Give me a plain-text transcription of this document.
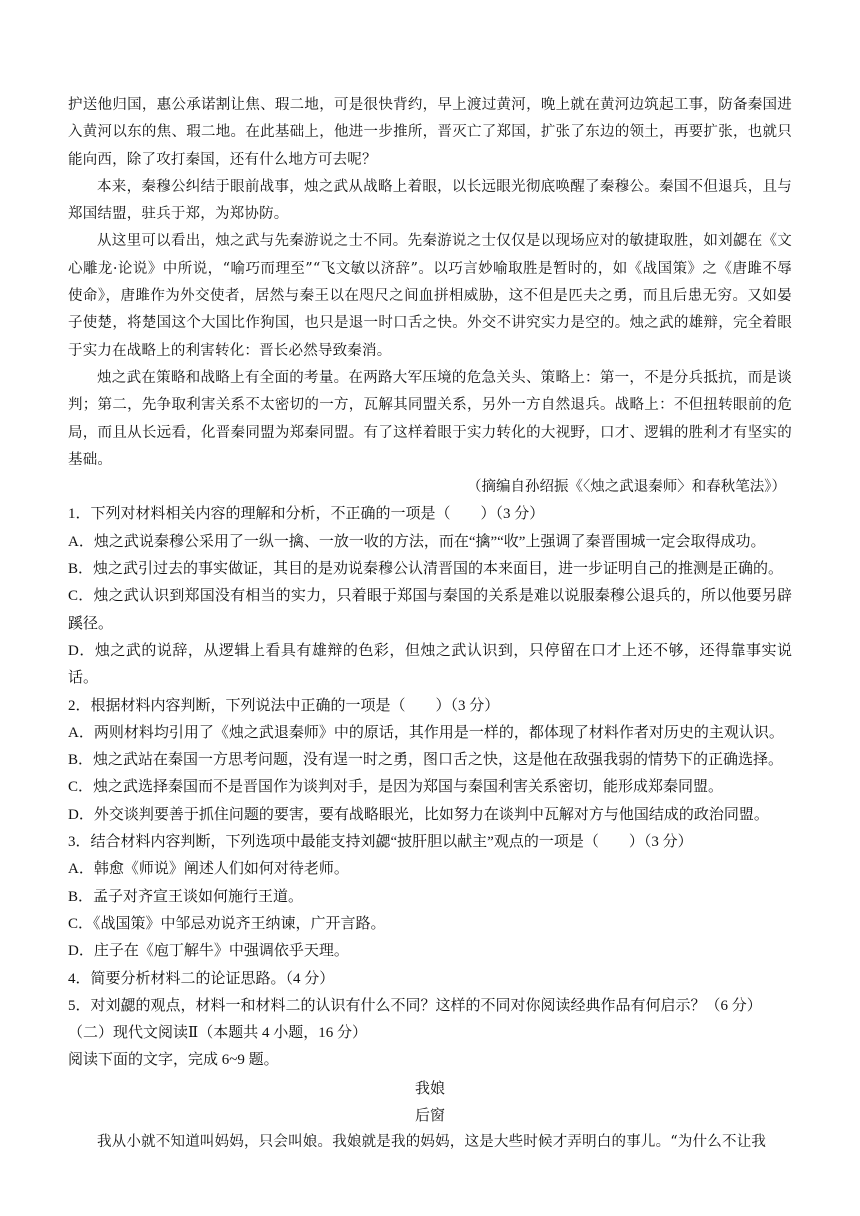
护送他归国，惠公承诺割让焦、瑕二地，可是很快背约，早上渡过黄河，晚上就在黄河边筑起工事，防备秦国进入黄河以东的焦、瑕二地。在此基础上，他进一步推所，晋灭亡了郑国，扩张了东边的领土，再要扩张，也就只能向西，除了攻打秦国，还有什么地方可去呢？

本来，秦穆公纠结于眼前战事，烛之武从战略上着眼，以长远眼光彻底唤醒了秦穆公。秦国不但退兵，且与郑国结盟，驻兵于郑，为郑协防。

从这里可以看出，烛之武与先秦游说之士不同。先秦游说之士仅仅是以现场应对的敏捷取胜，如刘勰在《文心雕龙·论说》中所说，“喻巧而理至”“飞文敏以济辞”。以巧言妙喻取胜是暂时的，如《战国策》之《唐雎不辱使命》，唐雎作为外交使者，居然与秦王以在咫尺之间血拼相威胁，这不但是匹夫之勇，而且后患无穷。又如晏子使楚，将楚国这个大国比作狗国，也只是退一时口舌之快。外交不讲究实力是空的。烛之武的雄辩，完全着眼于实力在战略上的利害转化：晋长必然导致秦消。

烛之武在策略和战略上有全面的考量。在两路大军压境的危急关头、策略上：第一，不是分兵抵抗，而是谈判；第二，先争取利害关系不太密切的一方，瓦解其同盟关系，另外一方自然退兵。战略上：不但扭转眼前的危局，而且从长远看，化晋秦同盟为郑秦同盟。有了这样着眼于实力转化的大视野，口才、逻辑的胜利才有坚实的基础。

（摘编自孙绍振《〈烛之武退秦师〉和春秋笔法》）

1．下列对材料相关内容的理解和分析，不正确的一项是（　　）（3 分）

A．烛之武说秦穆公采用了一纵一擒、一放一收的方法，而在“擒”“收”上强调了秦晋围城一定会取得成功。

B．烛之武引过去的事实做证，其目的是劝说秦穆公认清晋国的本来面目，进一步证明自己的推测是正确的。

C．烛之武认识到郑国没有相当的实力，只着眼于郑国与秦国的关系是难以说服秦穆公退兵的，所以他要另辟蹊径。

D．烛之武的说辞，从逻辑上看具有雄辩的色彩，但烛之武认识到，只停留在口才上还不够，还得靠事实说话。

2．根据材料内容判断，下列说法中正确的一项是（　　）（3 分）

A．两则材料均引用了《烛之武退秦师》中的原话，其作用是一样的，都体现了材料作者对历史的主观认识。

B．烛之武站在秦国一方思考问题，没有逞一时之勇，图口舌之快，这是他在敌强我弱的情势下的正确选择。

C．烛之武选择秦国而不是晋国作为谈判对手，是因为郑国与秦国利害关系密切，能形成郑秦同盟。

D．外交谈判要善于抓住问题的要害，要有战略眼光，比如努力在谈判中瓦解对方与他国结成的政治同盟。

3．结合材料内容判断，下列选项中最能支持刘勰“披肝胆以献主”观点的一项是（　　）（3 分）

A．韩愈《师说》阐述人们如何对待老师。

B．孟子对齐宣王谈如何施行王道。

C．《战国策》中邹忌劝说齐王纳谏，广开言路。

D．庄子在《庖丁解牛》中强调依乎天理。

4．简要分析材料二的论证思路。（4 分）

5．对刘勰的观点，材料一和材料二的认识有什么不同？这样的不同对你阅读经典作品有何启示？（6 分）

（二）现代文阅读Ⅱ（本题共 4 小题，16 分）

阅读下面的文字，完成 6~9 题。

我娘

后窗

我从小就不知道叫妈妈，只会叫娘。我娘就是我的妈妈，这是大些时候才弄明白的事儿。“为什么不让我
